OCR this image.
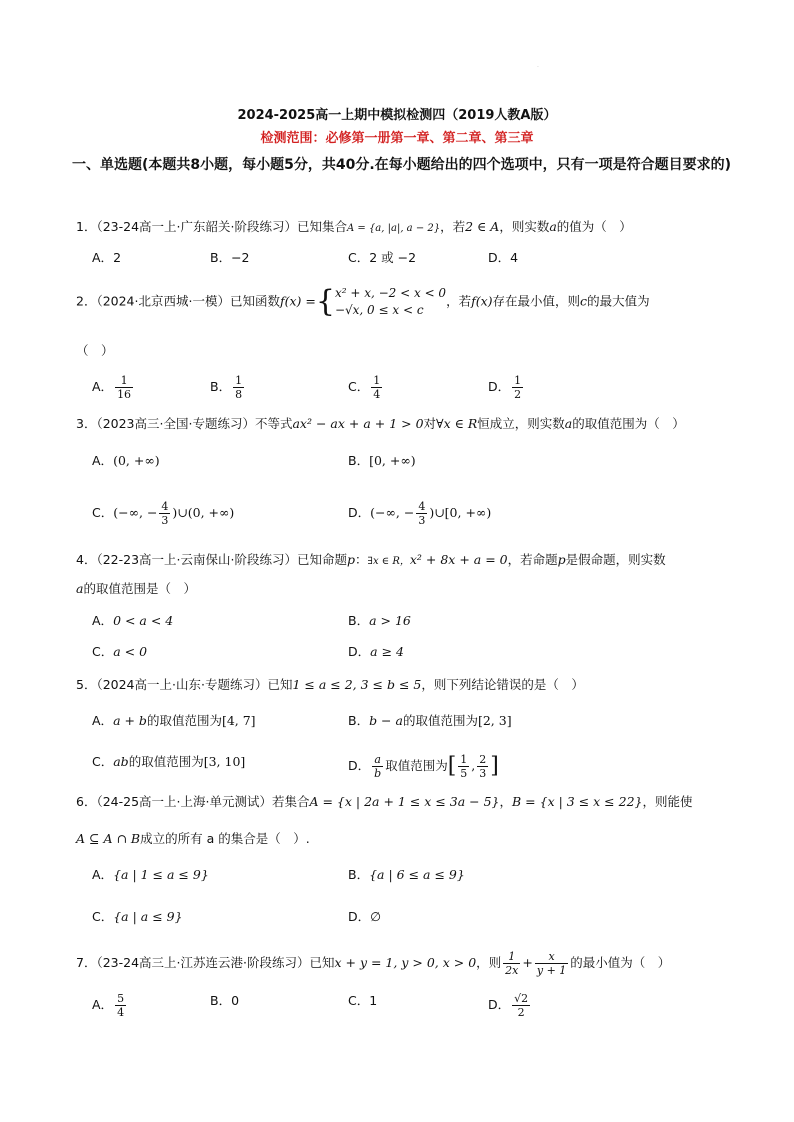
·
2024-2025高一上期中模拟检测四（2019人教A版）
检测范围：必修第一册第一章、第二章、第三章
一、单选题(本题共8小题，每小题5分，共40分.在每小题给出的四个选项中，只有一项是符合题目要求的)
1．（23-24高一上·广东韶关·阶段练习）已知集合A = {a, |a|, a − 2}，若2 ∈ A，则实数a的值为（　）
A．2	B．−2	C．2 或 −2	D．4
2．（2024·北京西城·一模）已知函数f(x) ={ x² + x, −2 < x < 0
−√x, 0 ≤ x < c
，若f(x)存在最小值，则c的最大值为
（　）
A． $\frac{1}{16}$	B． $\frac{1}{8}$	C． $\frac{1}{4}$	D． $\frac{1}{2}$
3．（2023高三·全国·专题练习）不等式ax² − ax + a + 1 > 0对∀x ∈ R恒成立，则实数a的取值范围为（　）
A．(0, +∞)	B．[0, +∞)
C．(−∞, − $\frac{4}{3}$ )∪(0, +∞)	D．(−∞, − $\frac{4}{3}$ )∪[0, +∞)
4．（22-23高一上·云南保山·阶段练习）已知命题p：∃x ∈ R，x² + 8x + a = 0，若命题p是假命题，则实数
a的取值范围是（　）
A．0 < a < 4	B．a > 16
C．a < 0	D．a ≥ 4
5．（2024高一上·山东·专题练习）已知1 ≤ a ≤ 2, 3 ≤ b ≤ 5，则下列结论错误的是（　）
A．a + b的取值范围为[4, 7]	B．b − a的取值范围为[2, 3]
C．ab的取值范围为[3, 10]	D． $\frac{a}{b}$ 取值范围为[ $\frac{1}{5}$ , $\frac{2}{3}$ ]
6．（24-25高一上·上海·单元测试）若集合A = {x | 2a + 1 ≤ x ≤ 3a − 5}，B = {x | 3 ≤ x ≤ 22}，则能使
A ⊆ A ∩ B成立的所有 a 的集合是（　）.
A．{a | 1 ≤ a ≤ 9}	B．{a | 6 ≤ a ≤ 9}
C．{a | a ≤ 9}	D．∅
7．（23-24高三上·江苏连云港·阶段练习）已知x + y = 1, y > 0, x > 0，则 $\frac{1}{2x} + \frac{x}{y + 1}$ 的最小值为（　）
A． $\frac{5}{4}$	B．0	C．1	D． $\frac{√2}{2}$
